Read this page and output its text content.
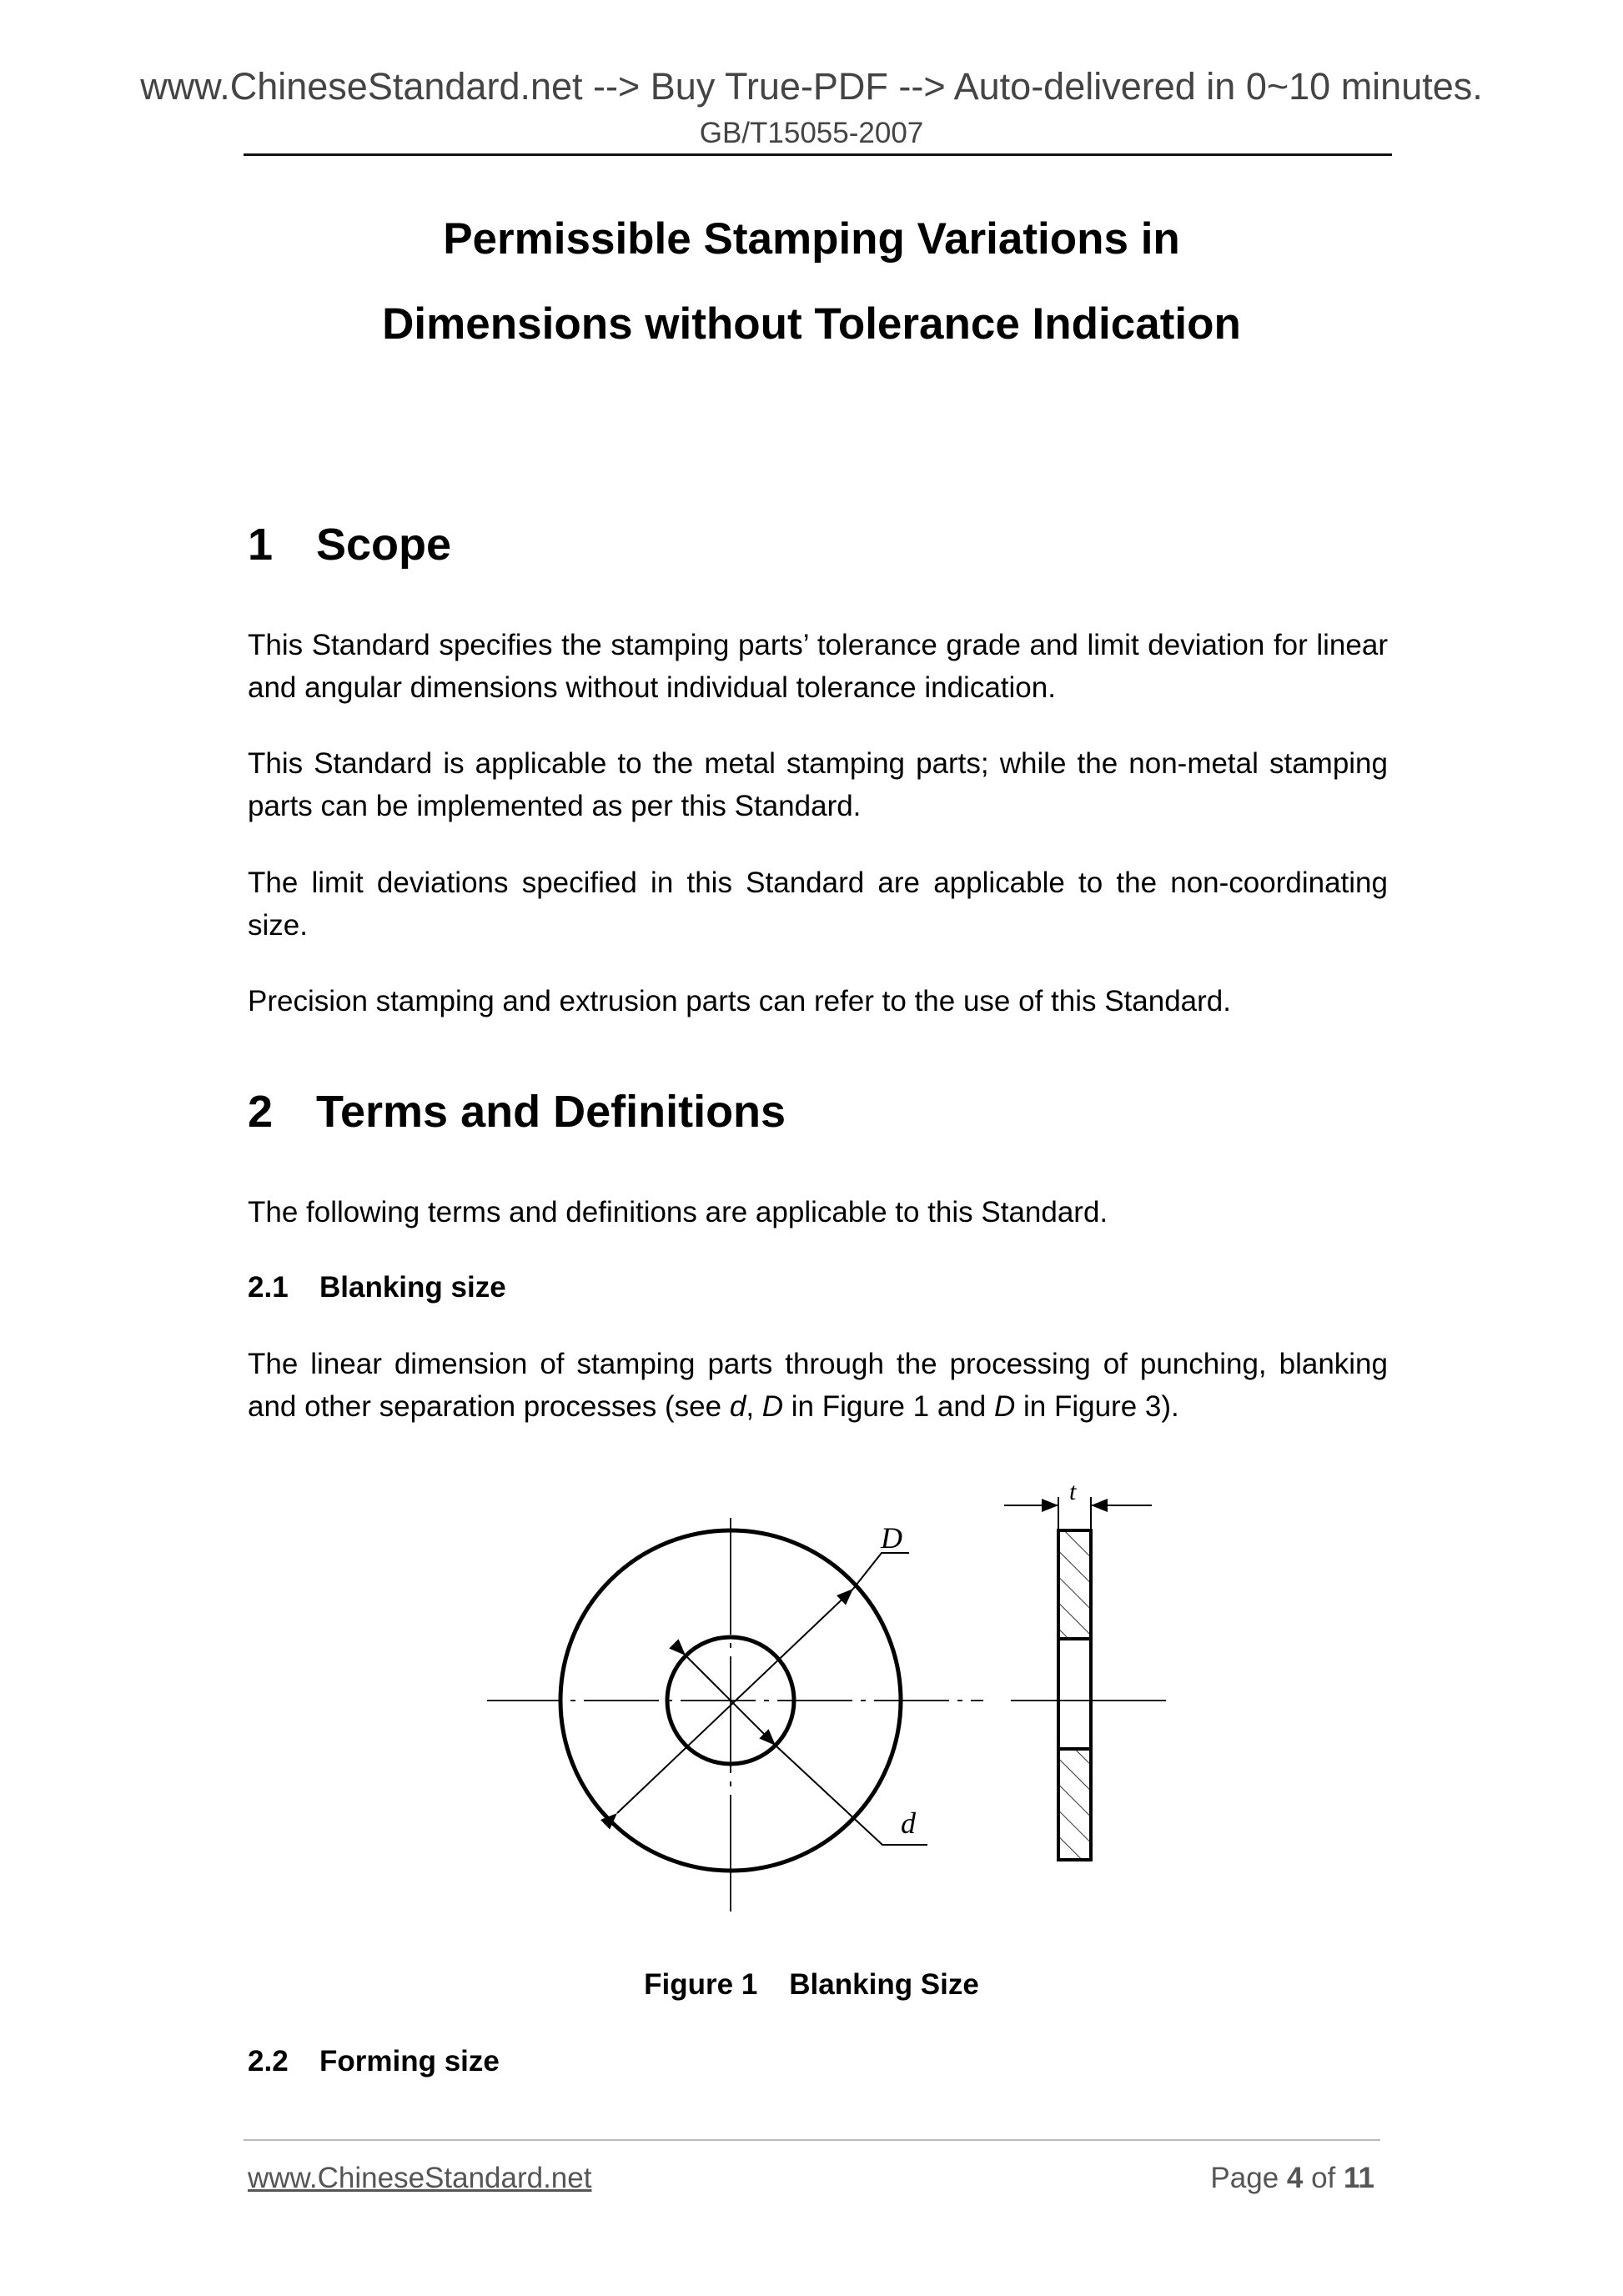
www.ChineseStandard.net --> Buy True-PDF --> Auto-delivered in 0~10 minutes.
GB/T15055-2007
Permissible Stamping Variations in
Dimensions without Tolerance Indication
1 Scope
This Standard specifies the stamping parts’ tolerance grade and limit deviation for linear and angular dimensions without individual tolerance indication.
This Standard is applicable to the metal stamping parts; while the non-metal stamping parts can be implemented as per this Standard.
The limit deviations specified in this Standard are applicable to the non-coordinating size.
Precision stamping and extrusion parts can refer to the use of this Standard.
2 Terms and Definitions
The following terms and definitions are applicable to this Standard.
2.1 Blanking size
The linear dimension of stamping parts through the processing of punching, blanking and other separation processes (see d, D in Figure 1 and D in Figure 3).
D
d
t
Figure 1 Blanking Size
2.2 Forming size
www.ChineseStandard.net	Page 4 of 11
